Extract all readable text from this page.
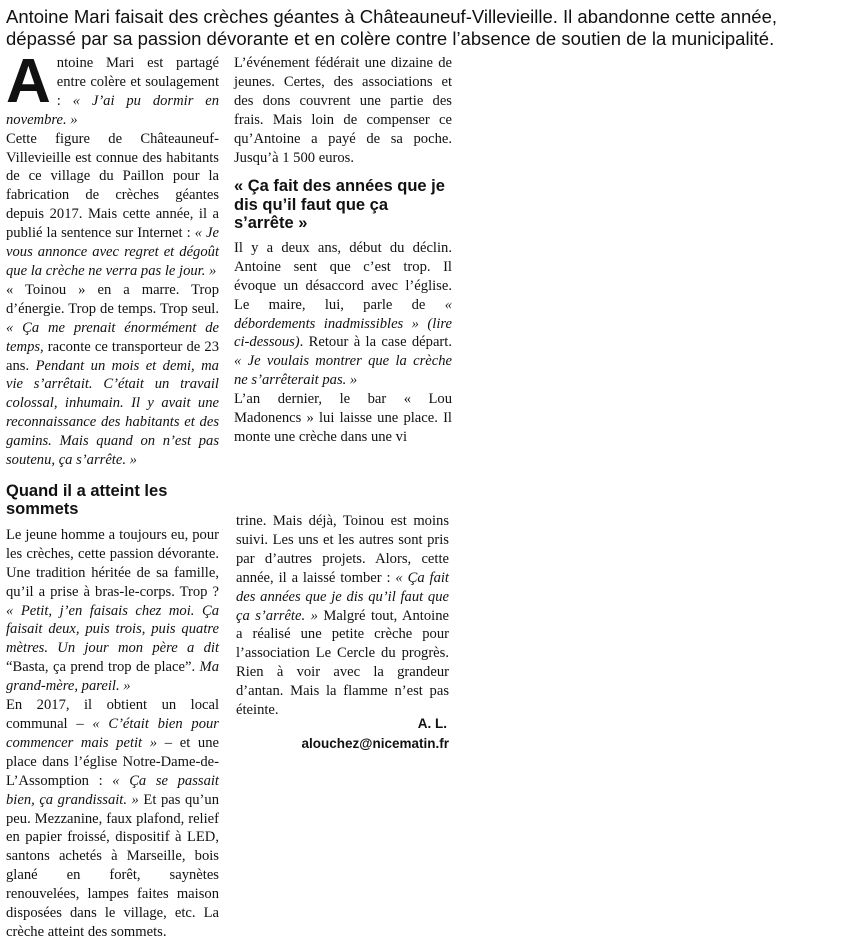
Antoine Mari faisait des crèches géantes à Châteauneuf-Villevieille. Il abandonne cette année, dépassé par sa passion dévorante et en colère contre l’absence de soutien de la municipalité.

Antoine Mari est partagé entre colère et soulagement : « J’ai pu dormir en novembre. »

Cette figure de Châteauneuf-Villevieille est connue des habitants de ce village du Paillon pour la fabrication de crèches géantes depuis 2017. Mais cette année, il a publié la sentence sur Internet : « Je vous annonce avec regret et dégoût que la crèche ne verra pas le jour. »

« Toinou » en a marre. Trop d’énergie. Trop de temps. Trop seul. « Ça me prenait énormément de temps, raconte ce transporteur de 23 ans. Pendant un mois et demi, ma vie s’arrêtait. C’était un travail colossal, inhumain. Il y avait une reconnaissance des habitants et des gamins. Mais quand on n’est pas soutenu, ça s’arrête. »

Quand il a atteint les sommets

Le jeune homme a toujours eu, pour les crèches, cette passion dévorante. Une tradition héritée de sa famille, qu’il a prise à bras-le-corps. Trop ? « Petit, j’en faisais chez moi. Ça faisait deux, puis trois, puis quatre mètres. Un jour mon père a dit “Basta, ça prend trop de place”. Ma grand-mère, pareil. »

En 2017, il obtient un local communal – « C’était bien pour commencer mais petit » – et une place dans l’église Notre-Dame-de-L’Assomption : « Ça se passait bien, ça grandissait. » Et pas qu’un peu. Mezzanine, faux plafond, relief en papier froissé, dispositif à LED, santons achetés à Marseille, bois glané en forêt, saynètes renouvelées, lampes faites maison disposées dans le village, etc. La crèche atteint des sommets.

L’événement fédérait une dizaine de jeunes. Certes, des associations et des dons couvrent une partie des frais. Mais loin de compenser ce qu’Antoine a payé de sa poche. Jusqu’à 1 500 euros.

« Ça fait des années que je dis qu’il faut que ça s’arrête »

Il y a deux ans, début du déclin. Antoine sent que c’est trop. Il évoque un désaccord avec l’église. Le maire, lui, parle de « débordements inadmissibles » (lire ci-dessous). Retour à la case départ. « Je voulais montrer que la crèche ne s’arrêterait pas. »

L’an dernier, le bar « Lou Madonencs » lui laisse une place. Il monte une crèche dans une vi

trine. Mais déjà, Toinou est moins suivi. Les uns et les autres sont pris par d’autres projets. Alors, cette année, il a laissé tomber : « Ça fait des années que je dis qu’il faut que ça s’arrête. » Malgré tout, Antoine a réalisé une petite crèche pour l’association Le Cercle du progrès. Rien à voir avec la grandeur d’antan. Mais la flamme n’est pas éteinte.

A. L.
alouchez@nicematin.fr
